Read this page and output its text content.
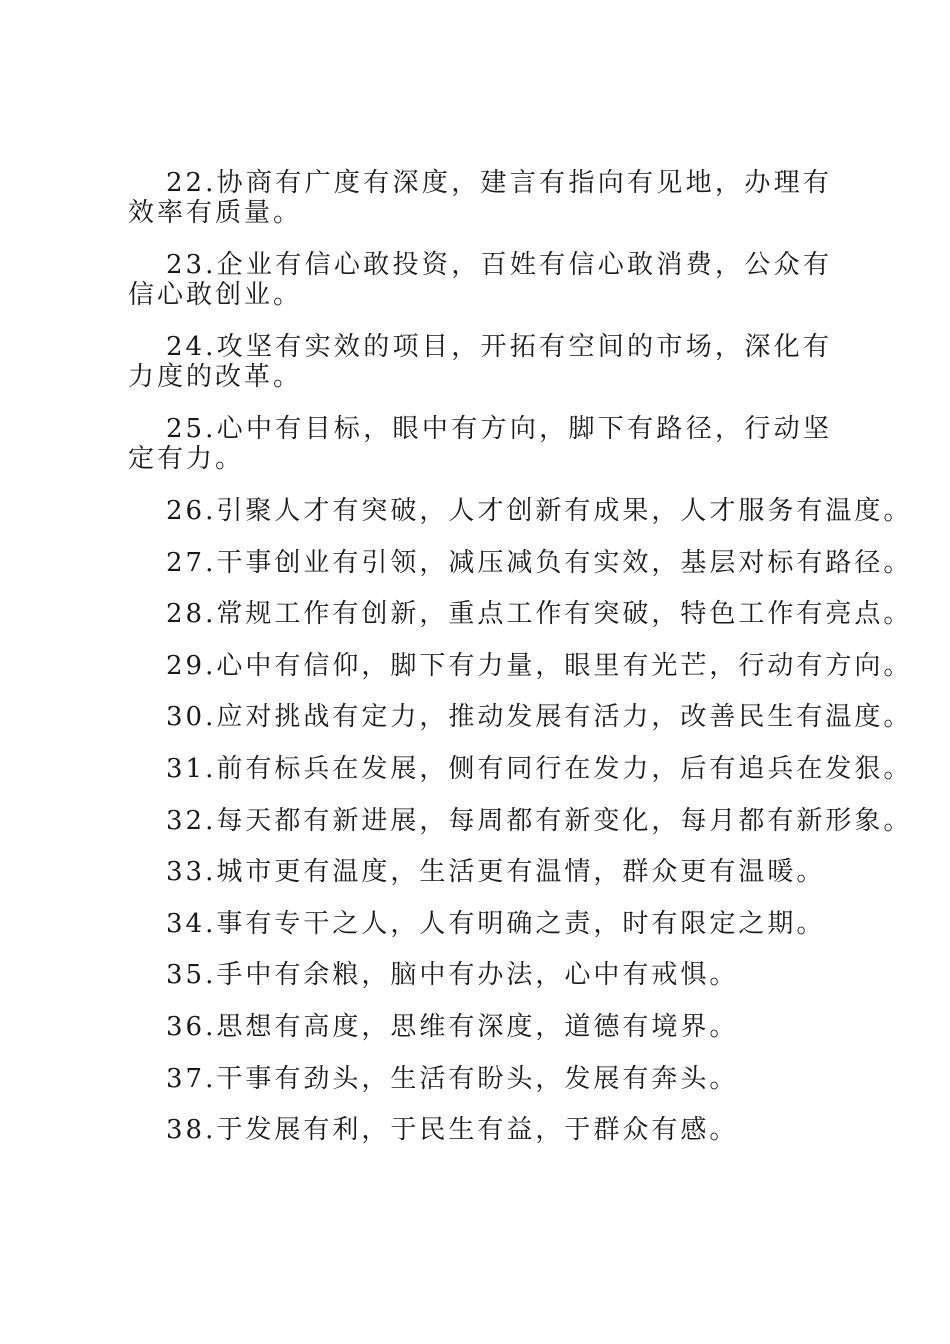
22.协商有广度有深度，建言有指向有见地，办理有效率有质量。

23.企业有信心敢投资，百姓有信心敢消费，公众有信心敢创业。

24.攻坚有实效的项目，开拓有空间的市场，深化有力度的改革。

25.心中有目标，眼中有方向，脚下有路径，行动坚定有力。

26.引聚人才有突破，人才创新有成果，人才服务有温度。

27.干事创业有引领，减压减负有实效，基层对标有路径。

28.常规工作有创新，重点工作有突破，特色工作有亮点。

29.心中有信仰，脚下有力量，眼里有光芒，行动有方向。

30.应对挑战有定力，推动发展有活力，改善民生有温度。

31.前有标兵在发展，侧有同行在发力，后有追兵在发狠。

32.每天都有新进展，每周都有新变化，每月都有新形象。

33.城市更有温度，生活更有温情，群众更有温暖。

34.事有专干之人，人有明确之责，时有限定之期。

35.手中有余粮，脑中有办法，心中有戒惧。

36.思想有高度，思维有深度，道德有境界。

37.干事有劲头，生活有盼头，发展有奔头。

38.于发展有利，于民生有益，于群众有感。
